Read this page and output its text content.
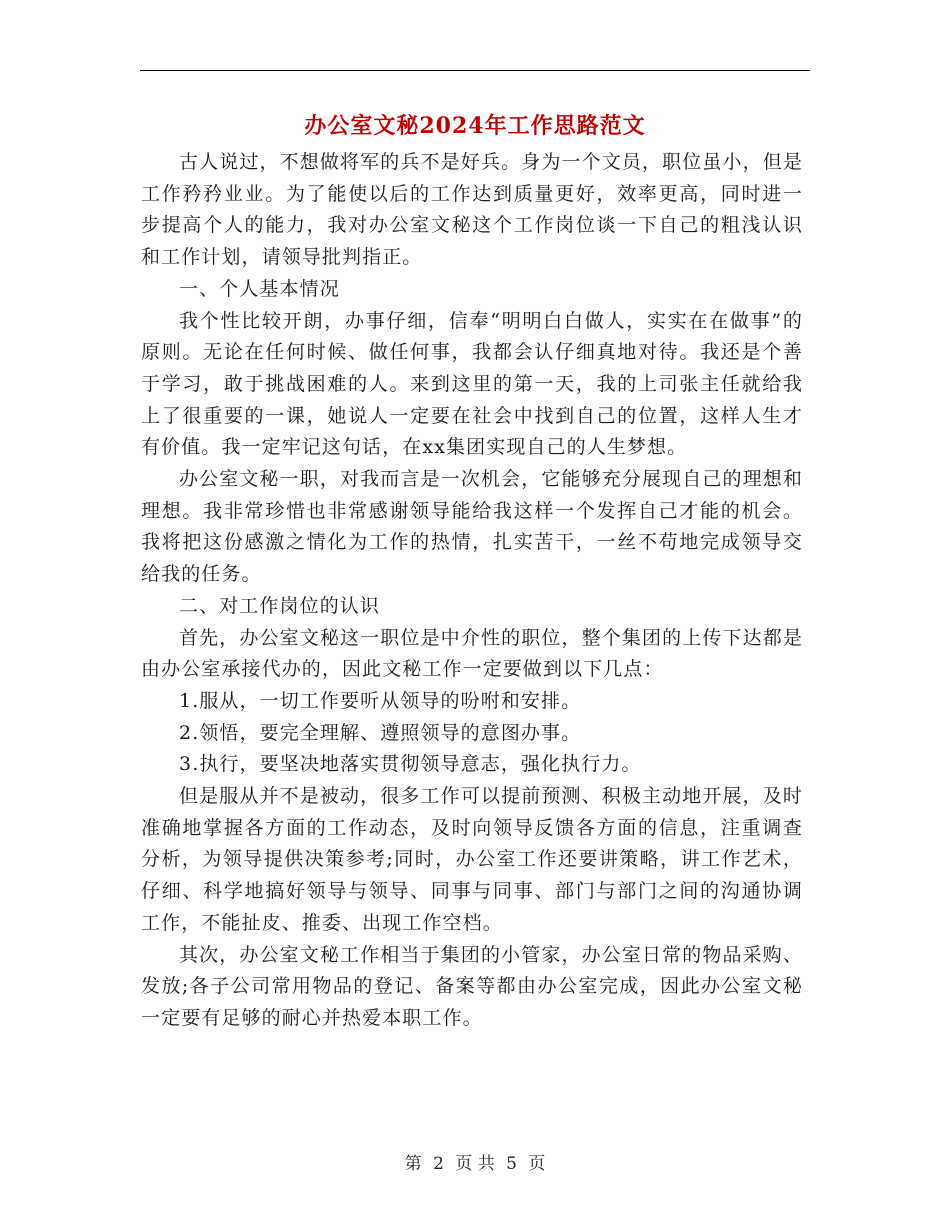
办公室文秘2024年工作思路范文

古人说过，不想做将军的兵不是好兵。身为一个文员，职位虽小，但是工作矜矜业业。为了能使以后的工作达到质量更好，效率更高，同时进一步提高个人的能力，我对办公室文秘这个工作岗位谈一下自己的粗浅认识和工作计划，请领导批判指正。

一、个人基本情况

我个性比较开朗，办事仔细，信奉“明明白白做人，实实在在做事”的原则。无论在任何时候、做任何事，我都会认仔细真地对待。我还是个善于学习，敢于挑战困难的人。来到这里的第一天，我的上司张主任就给我上了很重要的一课，她说人一定要在社会中找到自己的位置，这样人生才有价值。我一定牢记这句话，在xx集团实现自己的人生梦想。

办公室文秘一职，对我而言是一次机会，它能够充分展现自己的理想和理想。我非常珍惜也非常感谢领导能给我这样一个发挥自己才能的机会。我将把这份感激之情化为工作的热情，扎实苦干，一丝不苟地完成领导交给我的任务。

二、对工作岗位的认识

首先，办公室文秘这一职位是中介性的职位，整个集团的上传下达都是由办公室承接代办的，因此文秘工作一定要做到以下几点：

1.服从，一切工作要听从领导的吩咐和安排。

2.领悟，要完全理解、遵照领导的意图办事。

3.执行，要坚决地落实贯彻领导意志，强化执行力。

但是服从并不是被动，很多工作可以提前预测、积极主动地开展，及时准确地掌握各方面的工作动态，及时向领导反馈各方面的信息，注重调查分析，为领导提供决策参考;同时，办公室工作还要讲策略，讲工作艺术，仔细、科学地搞好领导与领导、同事与同事、部门与部门之间的沟通协调工作，不能扯皮、推委、出现工作空档。

其次，办公室文秘工作相当于集团的小管家，办公室日常的物品采购、发放;各子公司常用物品的登记、备案等都由办公室完成，因此办公室文秘一定要有足够的耐心并热爱本职工作。

第 2 页 共 5 页
